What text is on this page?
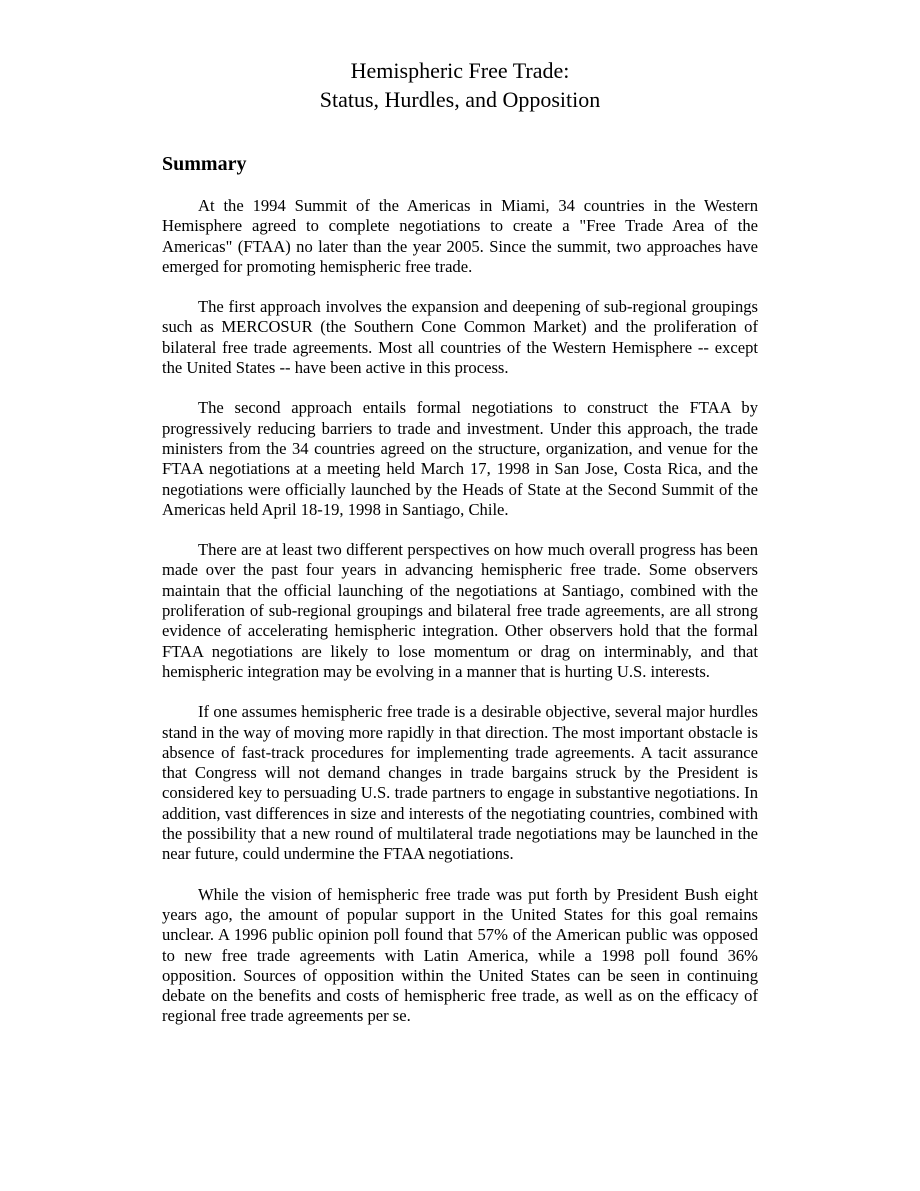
Hemispheric Free Trade:
Status, Hurdles, and Opposition
Summary

At the 1994 Summit of the Americas in Miami, 34 countries in the Western Hemisphere agreed to complete negotiations to create a "Free Trade Area of the Americas" (FTAA) no later than the year 2005. Since the summit, two approaches have emerged for promoting hemispheric free trade.

The first approach involves the expansion and deepening of sub-regional groupings such as MERCOSUR (the Southern Cone Common Market) and the proliferation of bilateral free trade agreements. Most all countries of the Western Hemisphere -- except the United States -- have been active in this process.

The second approach entails formal negotiations to construct the FTAA by progressively reducing barriers to trade and investment. Under this approach, the trade ministers from the 34 countries agreed on the structure, organization, and venue for the FTAA negotiations at a meeting held March 17, 1998 in San Jose, Costa Rica, and the negotiations were officially launched by the Heads of State at the Second Summit of the Americas held April 18-19, 1998 in Santiago, Chile.

There are at least two different perspectives on how much overall progress has been made over the past four years in advancing hemispheric free trade. Some observers maintain that the official launching of the negotiations at Santiago, combined with the proliferation of sub-regional groupings and bilateral free trade agreements, are all strong evidence of accelerating hemispheric integration. Other observers hold that the formal FTAA negotiations are likely to lose momentum or drag on interminably, and that hemispheric integration may be evolving in a manner that is hurting U.S. interests.

If one assumes hemispheric free trade is a desirable objective, several major hurdles stand in the way of moving more rapidly in that direction. The most important obstacle is absence of fast-track procedures for implementing trade agreements. A tacit assurance that Congress will not demand changes in trade bargains struck by the President is considered key to persuading U.S. trade partners to engage in substantive negotiations. In addition, vast differences in size and interests of the negotiating countries, combined with the possibility that a new round of multilateral trade negotiations may be launched in the near future, could undermine the FTAA negotiations.

While the vision of hemispheric free trade was put forth by President Bush eight years ago, the amount of popular support in the United States for this goal remains unclear. A 1996 public opinion poll found that 57% of the American public was opposed to new free trade agreements with Latin America, while a 1998 poll found 36% opposition. Sources of opposition within the United States can be seen in continuing debate on the benefits and costs of hemispheric free trade, as well as on the efficacy of regional free trade agreements per se.
